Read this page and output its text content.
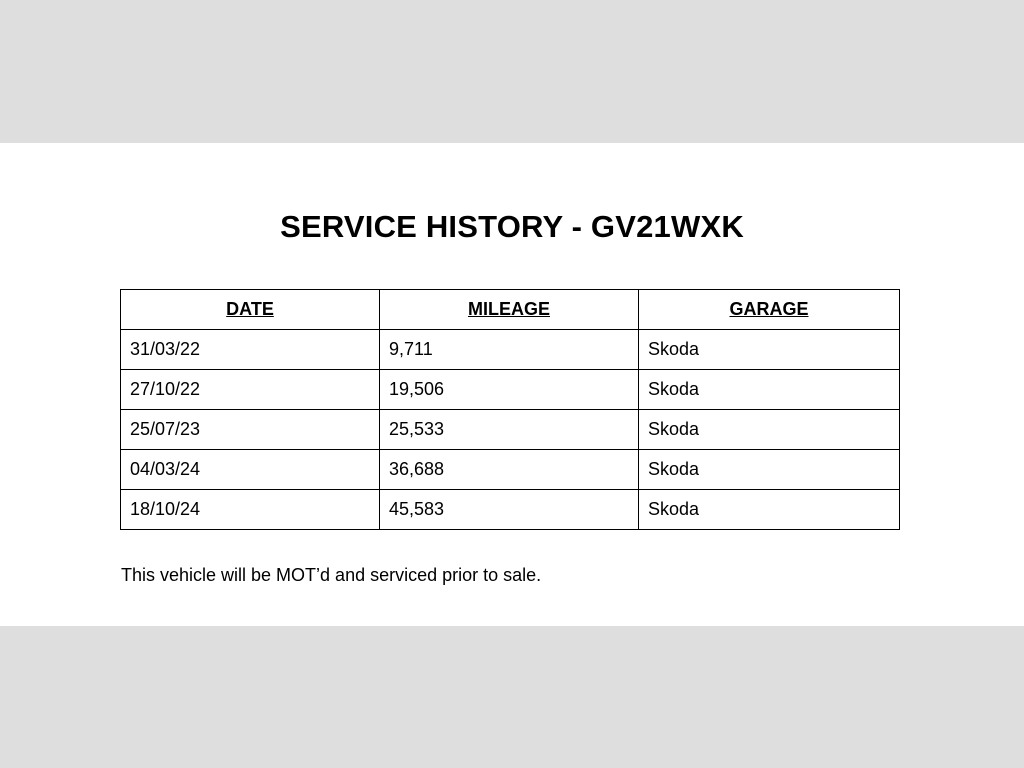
SERVICE HISTORY - GV21WXK
DATE	MILEAGE	GARAGE
31/03/22	9,711	Skoda
27/10/22	19,506	Skoda
25/07/23	25,533	Skoda
04/03/24	36,688	Skoda
18/10/24	45,583	Skoda
This vehicle will be MOT’d and serviced prior to sale.
